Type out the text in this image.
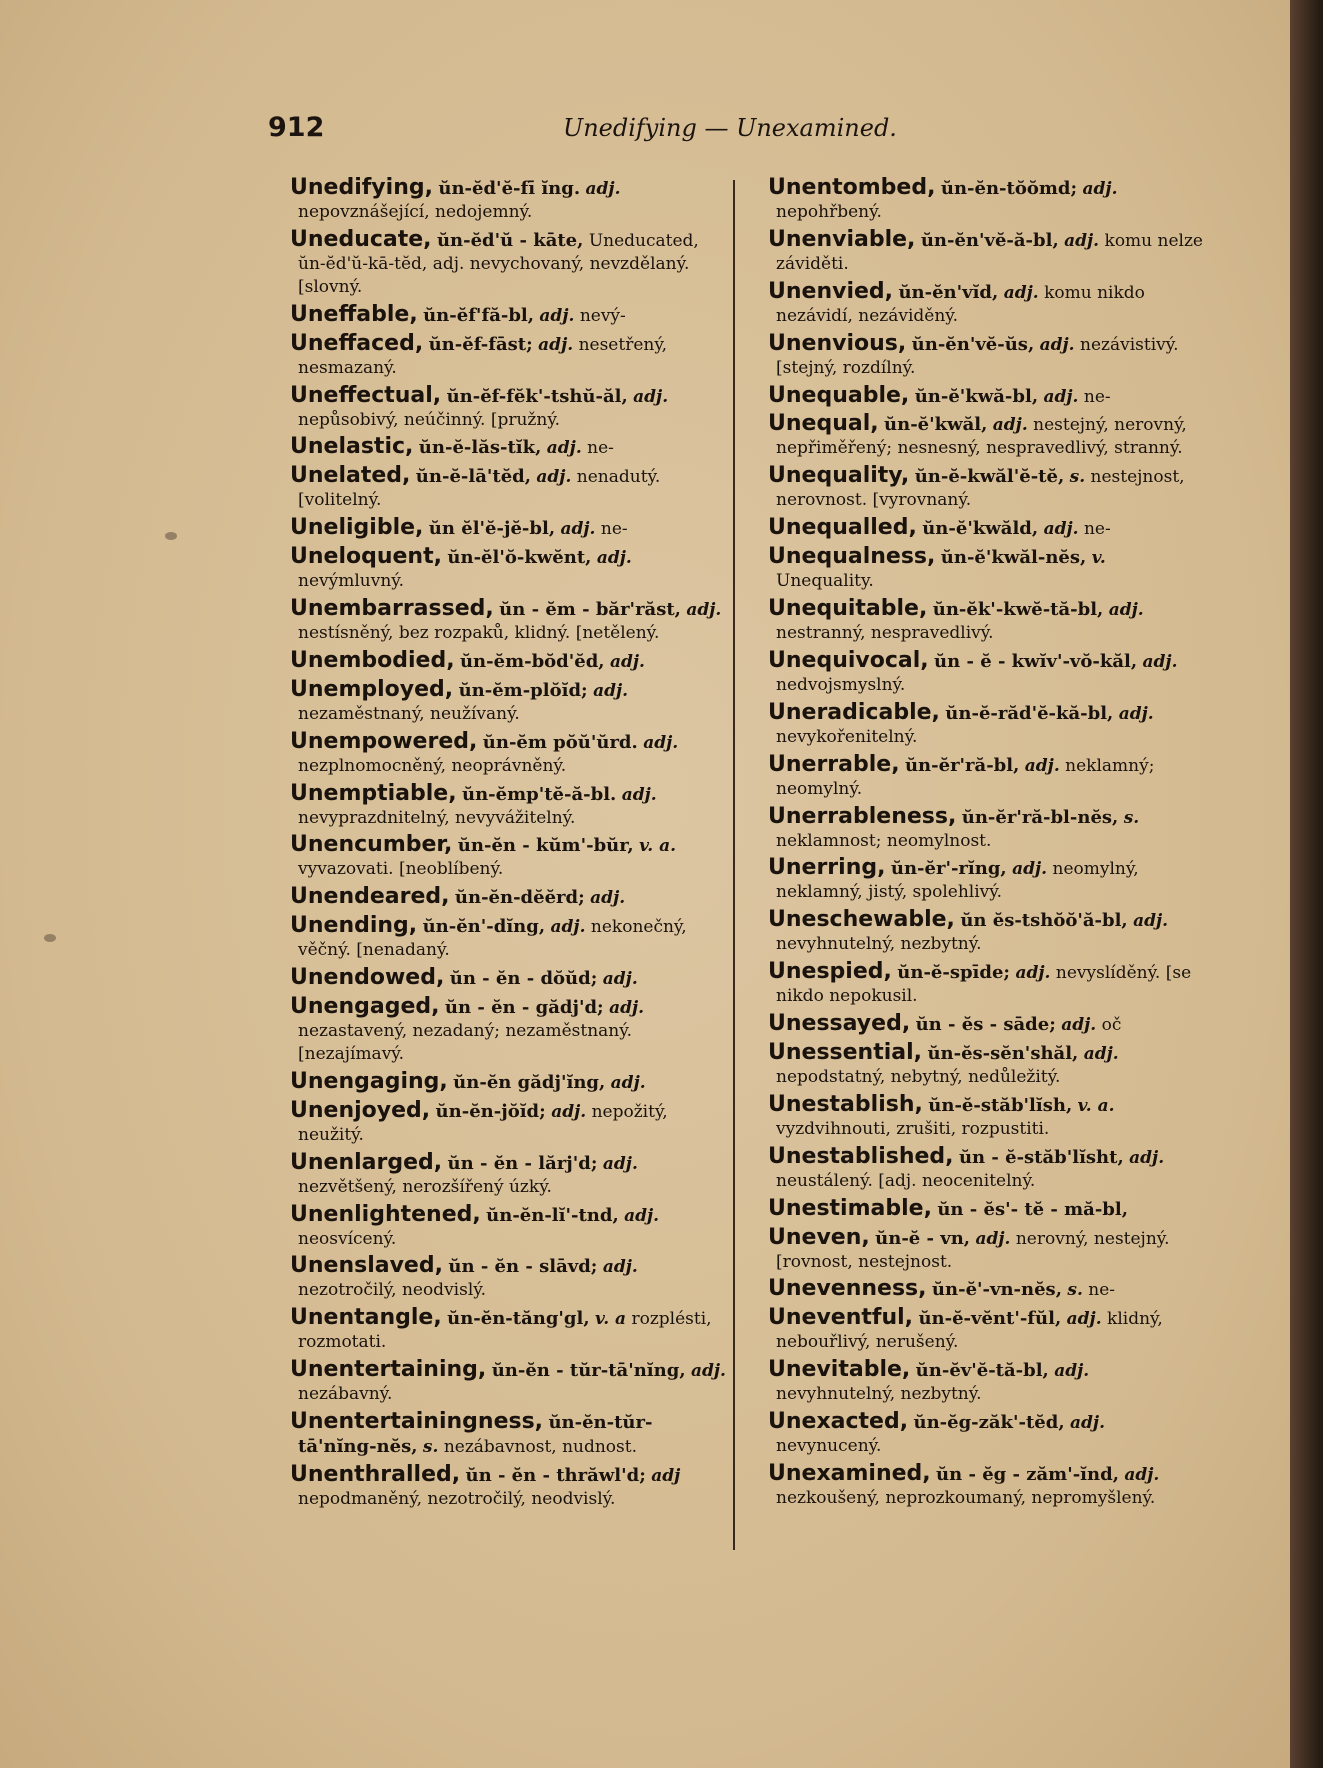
912	Unedifying — Unexamined.

Unedifying, ŭn-ĕd'ĕ-fī ĭng. adj. nepovznášející, nedojemný.

Uneducate, ŭn-ĕd'ŭ - kāte, Uneducated, ŭn-ĕd'ŭ-kā-tĕd, adj. nevychovaný, nevzdělaný. [slovný.

Uneffable, ŭn-ĕf'fă-bl, adj. nevý-

Uneffaced, ŭn-ĕf-fāst; adj. nesetřený, nesmazaný.

Uneffectual, ŭn-ĕf-fĕk'-tshŭ-ăl, adj. nepůsobivý, neúčinný. [pružný.

Unelastic, ŭn-ĕ-lăs-tĭk, adj. ne-

Unelated, ŭn-ĕ-lā'tĕd, adj. nenadutý. [volitelný.

Uneligible, ŭn ĕl'ĕ-jĕ-bl, adj. ne-

Uneloquent, ŭn-ĕl'ŏ-kwĕnt, adj. nevýmluvný.

Unembarrassed, ŭn - ĕm - băr'răst, adj. nestísněný, bez rozpaků, klidný. [netělený.

Unembodied, ŭn-ĕm-bŏd'ĕd, adj.

Unemployed, ŭn-ĕm-plŏĭd; adj. nezaměstnaný, neužívaný.

Unempowered, ŭn-ĕm pŏŭ'ŭrd. adj. nezplnomocněný, neoprávněný.

Unemptiable, ŭn-ĕmp'tĕ-ă-bl. adj. nevyprazdnitelný, nevyvážitelný.

Unencumber, ŭn-ĕn - kŭm'-bŭr, v. a. vyvazovati. [neoblíbený.

Unendeared, ŭn-ĕn-dĕĕrd; adj.

Unending, ŭn-ĕn'-dĭng, adj. nekonečný, věčný. [nenadaný.

Unendowed, ŭn - ĕn - dŏŭd; adj.

Unengaged, ŭn - ĕn - gădj'd; adj. nezastavený, nezadaný; nezaměstnaný. [nezajímavý.

Unengaging, ŭn-ĕn gădj'ĭng, adj.

Unenjoyed, ŭn-ĕn-jŏĭd; adj. nepožitý, neužitý.

Unenlarged, ŭn - ĕn - lărj'd; adj. nezvětšený, nerozšířený úzký.

Unenlightened, ŭn-ĕn-lĭ'-tnd, adj. neosvícený.

Unenslaved, ŭn - ĕn - slāvd; adj. nezotročilý, neodvislý.

Unentangle, ŭn-ĕn-tăng'gl, v. a rozplésti, rozmotati.

Unentertaining, ŭn-ĕn - tŭr-tā'nĭng, adj. nezábavný.

Unentertainingness, ŭn-ĕn-tŭr-tā'nĭng-nĕs, s. nezábavnost, nudnost.

Unenthralled, ŭn - ĕn - thrăwl'd; adj nepodmaněný, nezotročilý, neodvislý.

Unentombed, ŭn-ĕn-tŏŏmd; adj. nepohřbený.

Unenviable, ŭn-ĕn'vĕ-ă-bl, adj. komu nelze záviděti.

Unenvied, ŭn-ĕn'vĭd, adj. komu nikdo nezávidí, nezáviděný.

Unenvious, ŭn-ĕn'vĕ-ŭs, adj. nezávistivý. [stejný, rozdílný.

Unequable, ŭn-ĕ'kwă-bl, adj. ne-

Unequal, ŭn-ĕ'kwăl, adj. nestejný, nerovný, nepřiměřený; nesnesný, nespravedlivý, stranný.

Unequality, ŭn-ĕ-kwăl'ĕ-tĕ, s. nestejnost, nerovnost. [vyrovnaný.

Unequalled, ŭn-ĕ'kwăld, adj. ne-

Unequalness, ŭn-ĕ'kwăl-nĕs, v. Unequality.

Unequitable, ŭn-ĕk'-kwĕ-tă-bl, adj. nestranný, nespravedlivý.

Unequivocal, ŭn - ĕ - kwĭv'-vŏ-kăl, adj. nedvojsmyslný.

Uneradicable, ŭn-ĕ-răd'ĕ-kă-bl, adj. nevykořenitelný.

Unerrable, ŭn-ĕr'ră-bl, adj. neklamný; neomylný.

Unerrableness, ŭn-ĕr'ră-bl-nĕs, s. neklamnost; neomylnost.

Unerring, ŭn-ĕr'-rĭng, adj. neomylný, neklamný, jistý, spolehlivý.

Uneschewable, ŭn ĕs-tshŏŏ'ă-bl, adj. nevyhnutelný, nezbytný.

Unespied, ŭn-ĕ-spīde; adj. nevyslíděný. [se nikdo nepokusil.

Unessayed, ŭn - ĕs - sāde; adj. oč

Unessential, ŭn-ĕs-sĕn'shăl, adj. nepodstatný, nebytný, nedůležitý.

Unestablish, ŭn-ĕ-stăb'lĭsh, v. a. vyzdvihnouti, zrušiti, rozpustiti.

Unestablished, ŭn - ĕ-stăb'lĭsht, adj. neustálený. [adj. neocenitelný.

Unestimable, ŭn - ĕs'- tĕ - mă-bl,

Uneven, ŭn-ĕ - vn, adj. nerovný, nestejný. [rovnost, nestejnost.

Unevenness, ŭn-ĕ'-vn-nĕs, s. ne-

Uneventful, ŭn-ĕ-vĕnt'-fŭl, adj. klidný, nebouřlivý, nerušený.

Unevitable, ŭn-ĕv'ĕ-tă-bl, adj. nevyhnutelný, nezbytný.

Unexacted, ŭn-ĕg-zăk'-tĕd, adj. nevynucený.

Unexamined, ŭn - ĕg - zăm'-ĭnd, adj. nezkoušený, neprozkoumaný, nepromyšlený.
